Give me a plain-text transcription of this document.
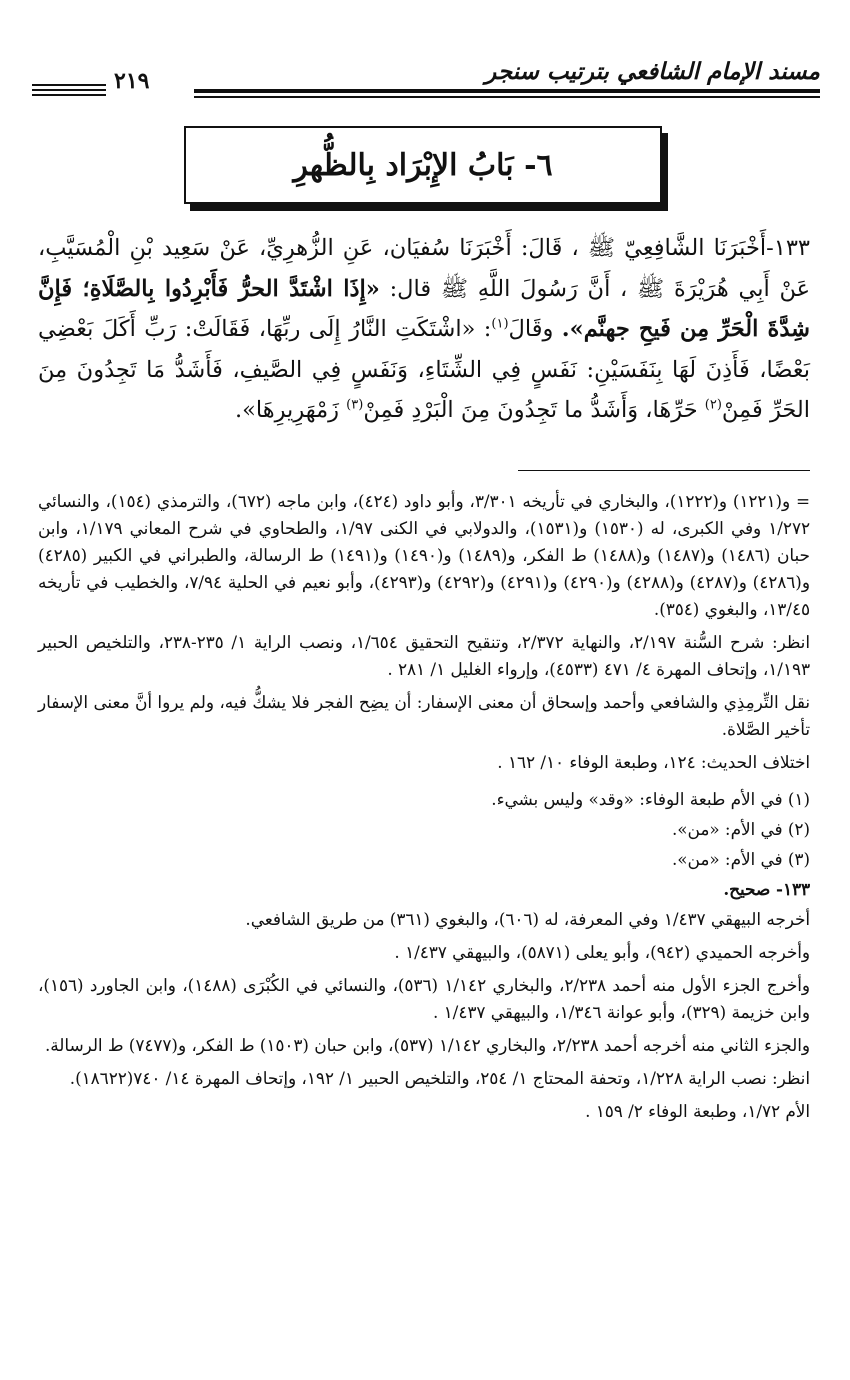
مسند الإمام الشافعي بترتيب سنجر
٢١٩
٦- بَابُ الإِبْرَاد بِالظُّهرِ
١٣٣-أَخْبَرَنَا الشَّافِعِيّ ﷺ ، قَالَ: أَخْبَرَنَا سُفيَان، عَنِ الزُّهرِيِّ، عَنْ سَعِيد بْنِ الْمُسَيَّبِ، عَنْ أَبِي هُرَيْرَةَ ﷺ ، أَنَّ رَسُولَ اللَّهِ ﷺ قال: «إِذَا اشْتَدَّ الحرُّ فَأَبْرِدُوا بِالصَّلَاةِ؛ فَإِنَّ شِدَّةَ الْحَرِّ مِن فَيحِ جهنَّم». وقَالَ$^{(١)}$: «اشْتَكَتِ النَّارُ إِلَى ربِّهَا، فَقَالَتْ: رَبِّ أَكَلَ بَعْضِي بَعْضًا، فَأَذِنَ لَهَا بِنَفَسَيْنِ: نَفَسٍ فِي الشِّتَاءِ، وَنَفَسٍ فِي الصَّيفِ، فَأَشَدُّ مَا تَجِدُونَ مِنَ الحَرِّ فَمِنْ$^{(٢)}$ حَرِّهَا، وَأَشَدُّ ما تَجِدُونَ مِنَ الْبَرْدِ فَمِنْ$^{(٣)}$ زَمْهَرِيرِهَا».

= و(١٢٢١) و(١٢٢٢)، والبخاري في تأريخه ٣/٣٠١، وأبو داود (٤٢٤)، وابن ماجه (٦٧٢)، والترمذي (١٥٤)، والنسائي ١/٢٧٢ وفي الكبرى، له (١٥٣٠) و(١٥٣١)، والدولابي في الكنى ١/٩٧، والطحاوي في شرح المعاني ١/١٧٩، وابن حبان (١٤٨٦) و(١٤٨٧) و(١٤٨٨) ط الفكر، و(١٤٨٩) و(١٤٩٠) و(١٤٩١) ط الرسالة، والطبراني في الكبير (٤٢٨٥) و(٤٢٨٦) و(٤٢٨٧) و(٤٢٨٨) و(٤٢٩٠) و(٤٢٩١) و(٤٢٩٢) و(٤٢٩٣)، وأبو نعيم في الحلية ٧/٩٤، والخطيب في تأريخه ١٣/٤٥، والبغوي (٣٥٤).

انظر: شرح السُّنة ٢/١٩٧، والنهاية ٢/٣٧٢، وتنقيح التحقيق ١/٦٥٤، ونصب الراية ١/ ٢٣٥-٢٣٨، والتلخيص الحبير ١/١٩٣، وإتحاف المهرة ٤/ ٤٧١ (٤٥٣٣)، وإرواء الغليل ١/ ٢٨١ .

نقل التِّرمِذِي والشافعي وأحمد وإسحاق أن معنى الإسفار: أن يضِح الفجر فلا يشكُّ فيه، ولم يروا أنَّ معنى الإسفار تأخير الصَّلاة.

اختلاف الحديث: ١٢٤، وطبعة الوفاء ١٠/ ١٦٢ .

(١) في الأم طبعة الوفاء: «وقد» وليس بشيء.

(٢) في الأم: «من».

(٣) في الأم: «من».

١٣٣- صحيح.

أخرجه البيهقي ١/٤٣٧ وفي المعرفة، له (٦٠٦)، والبغوي (٣٦١) من طريق الشافعي.

وأخرجه الحميدي (٩٤٢)، وأبو يعلى (٥٨٧١)، والبيهقي ١/٤٣٧ .

وأخرج الجزء الأول منه أحمد ٢/٢٣٨، والبخاري ١/١٤٢ (٥٣٦)، والنسائي في الكُبْرَى (١٤٨٨)، وابن الجاورد (١٥٦)، وابن خزيمة (٣٢٩)، وأبو عوانة ١/٣٤٦، والبيهقي ١/٤٣٧ .

والجزء الثاني منه أخرجه أحمد ٢/٢٣٨، والبخاري ١/١٤٢ (٥٣٧)، وابن حبان (١٥٠٣) ط الفكر، و(٧٤٧٧) ط الرسالة.

انظر: نصب الراية ١/٢٢٨، وتحفة المحتاج ١/ ٢٥٤، والتلخيص الحبير ١/ ١٩٢، وإتحاف المهرة ١٤/ ٧٤٠(١٨٦٢٢).

الأم ١/٧٢، وطبعة الوفاء ٢/ ١٥٩ .
